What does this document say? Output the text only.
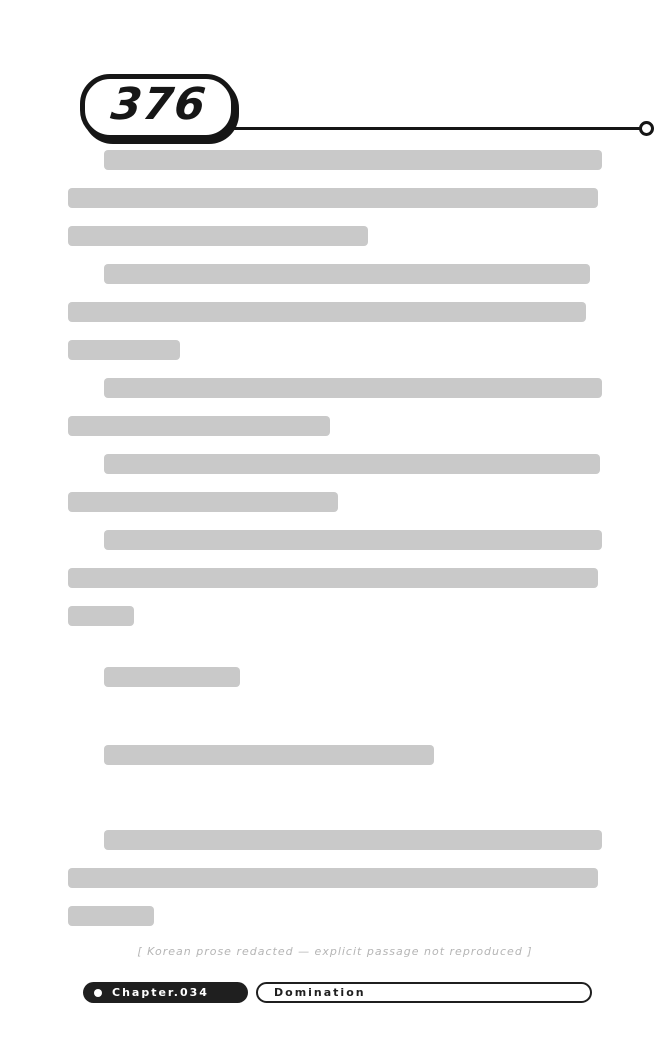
376
[ Korean prose redacted — explicit passage not reproduced ]
Chapter.034	Domination
